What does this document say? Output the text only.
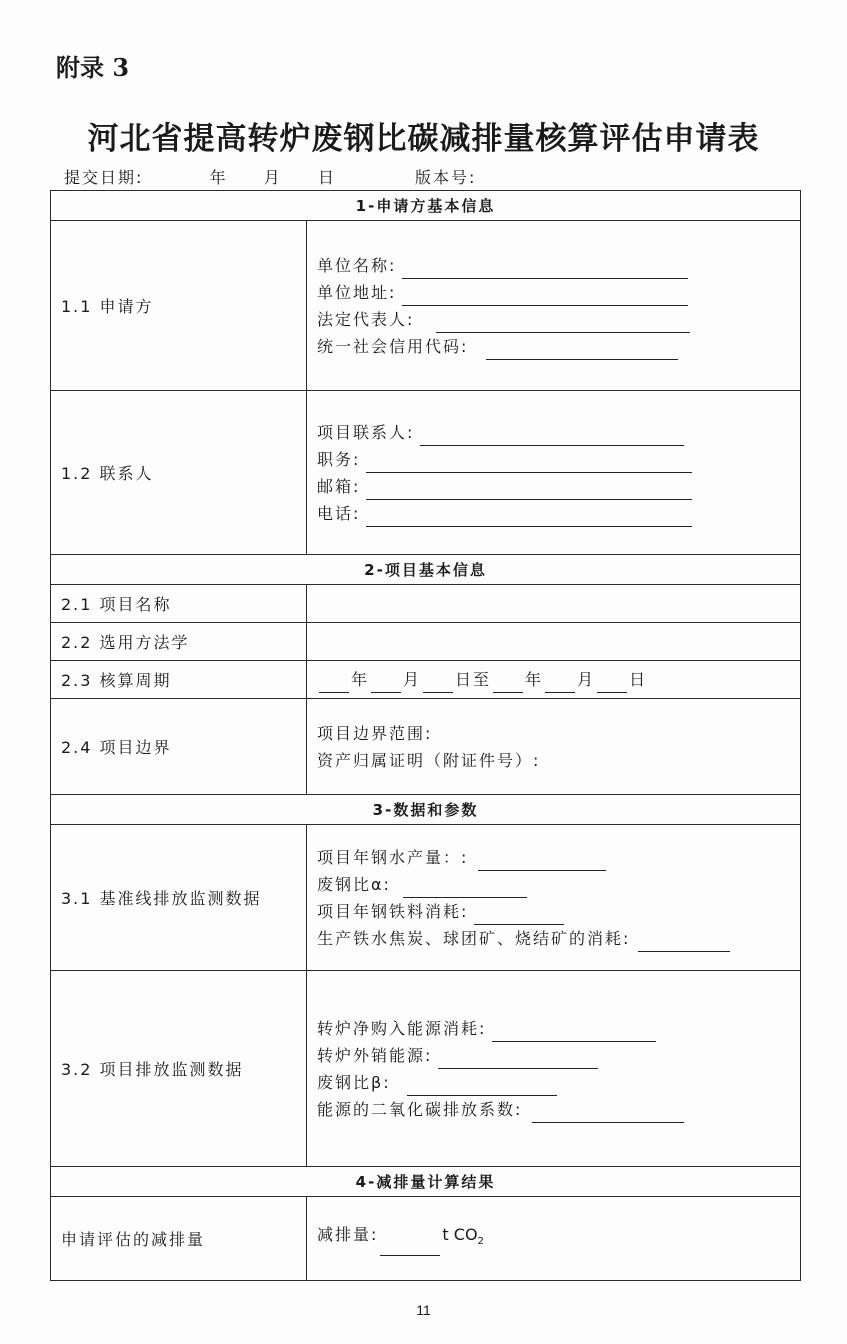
附录 3
河北省提高转炉废钢比碳减排量核算评估申请表
提交日期:	年 月 日	版本号:
1-申请方基本信息	
1.1 申请方	单位名称:
单位地址:
法定代表人:
统一社会信用代码:

1.2 联系人	项目联系人:
职务:
邮箱:
电话:

2-项目基本信息	
2.1 项目名称	
2.2 选用方法学	
2.3 核算周期	年 月 日至 年 月 日
2.4 项目边界	项目边界范围:
资产归属证明（附证件号）:

3-数据和参数	
3.1 基准线排放监测数据	项目年钢水产量：:
废钢比α:
项目年钢铁料消耗:
生产铁水焦炭、球团矿、烧结矿的消耗:

3.2 项目排放监测数据	转炉净购入能源消耗:
转炉外销能源:
废钢比β:
能源的二氧化碳排放系数:

4-减排量计算结果	
申请评估的减排量	减排量: t $CO_2$
11
